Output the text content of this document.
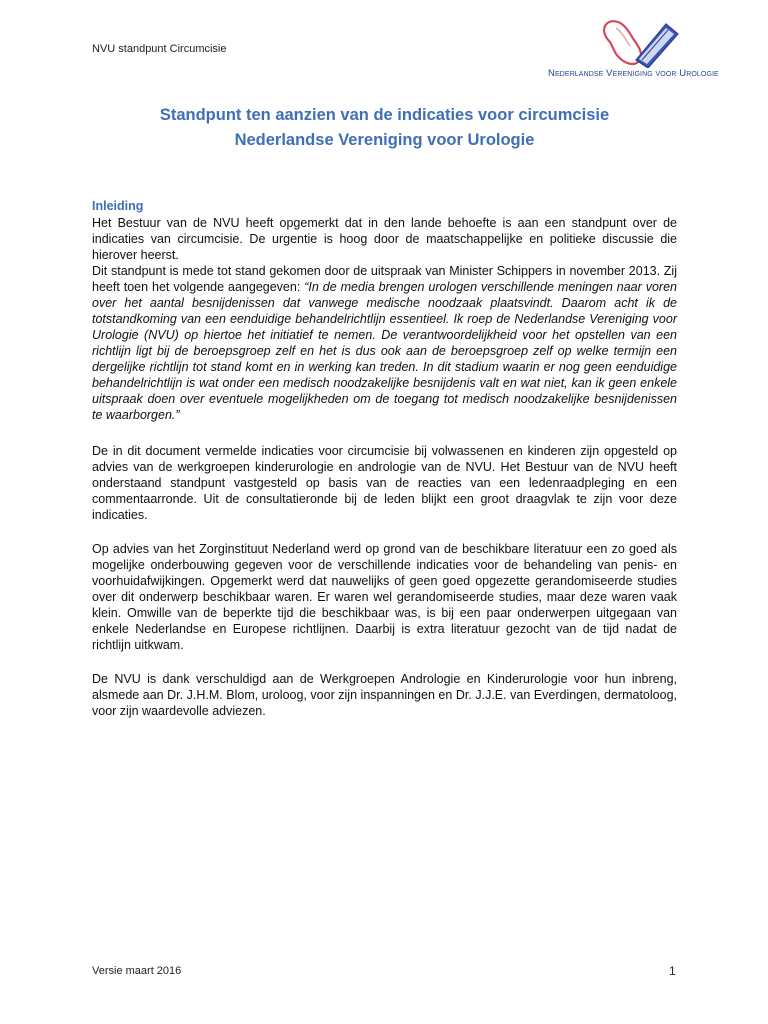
NVU standpunt Circumcisie
Nederlandse Vereniging voor Urologie
Standpunt ten aanzien van de indicaties voor circumcisie
Nederlandse Vereniging voor Urologie
Inleiding

Het Bestuur van de NVU heeft opgemerkt dat in den lande behoefte is aan een standpunt over de indicaties van circumcisie. De urgentie is hoog door de maatschappelijke en politieke discussie die hierover heerst.

Dit standpunt is mede tot stand gekomen door de uitspraak van Minister Schippers in november 2013. Zij heeft toen het volgende aangegeven: “In de media brengen urologen verschillende meningen naar voren over het aantal besnijdenissen dat vanwege medische noodzaak plaatsvindt. Daarom acht ik de totstandkoming van een eenduidige behandelrichtlijn essentieel. Ik roep de Nederlandse Vereniging voor Urologie (NVU) op hiertoe het initiatief te nemen. De verantwoordelijkheid voor het opstellen van een richtlijn ligt bij de beroepsgroep zelf en het is dus ook aan de beroepsgroep zelf op welke termijn een dergelijke richtlijn tot stand komt en in werking kan treden. In dit stadium waarin er nog geen eenduidige behandelrichtlijn is wat onder een medisch noodzakelijke besnijdenis valt en wat niet, kan ik geen enkele uitspraak doen over eventuele mogelijkheden om de toegang tot medisch noodzakelijke besnijdenissen te waarborgen.”

De in dit document vermelde indicaties voor circumcisie bij volwassenen en kinderen zijn opgesteld op advies van de werkgroepen kinderurologie en andrologie van de NVU. Het Bestuur van de NVU heeft onderstaand standpunt vastgesteld op basis van de reacties van een ledenraadpleging en een commentaarronde. Uit de consultatieronde bij de leden blijkt een groot draagvlak te zijn voor deze indicaties.

Op advies van het Zorginstituut Nederland werd op grond van de beschikbare literatuur een zo goed als mogelijke onderbouwing gegeven voor de verschillende indicaties voor de behandeling van penis- en voorhuidafwijkingen. Opgemerkt werd dat nauwelijks of geen goed opgezette gerandomiseerde studies over dit onderwerp beschikbaar waren. Er waren wel gerandomiseerde studies, maar deze waren vaak klein. Omwille van de beperkte tijd die beschikbaar was, is bij een paar onderwerpen uitgegaan van enkele Nederlandse en Europese richtlijnen. Daarbij is extra literatuur gezocht van de tijd nadat de richtlijn uitkwam.

De NVU is dank verschuldigd aan de Werkgroepen Andrologie en Kinderurologie voor hun inbreng, alsmede aan Dr. J.H.M. Blom, uroloog, voor zijn inspanningen en Dr. J.J.E. van Everdingen, dermatoloog, voor zijn waardevolle adviezen.

Versie maart 2016	1
